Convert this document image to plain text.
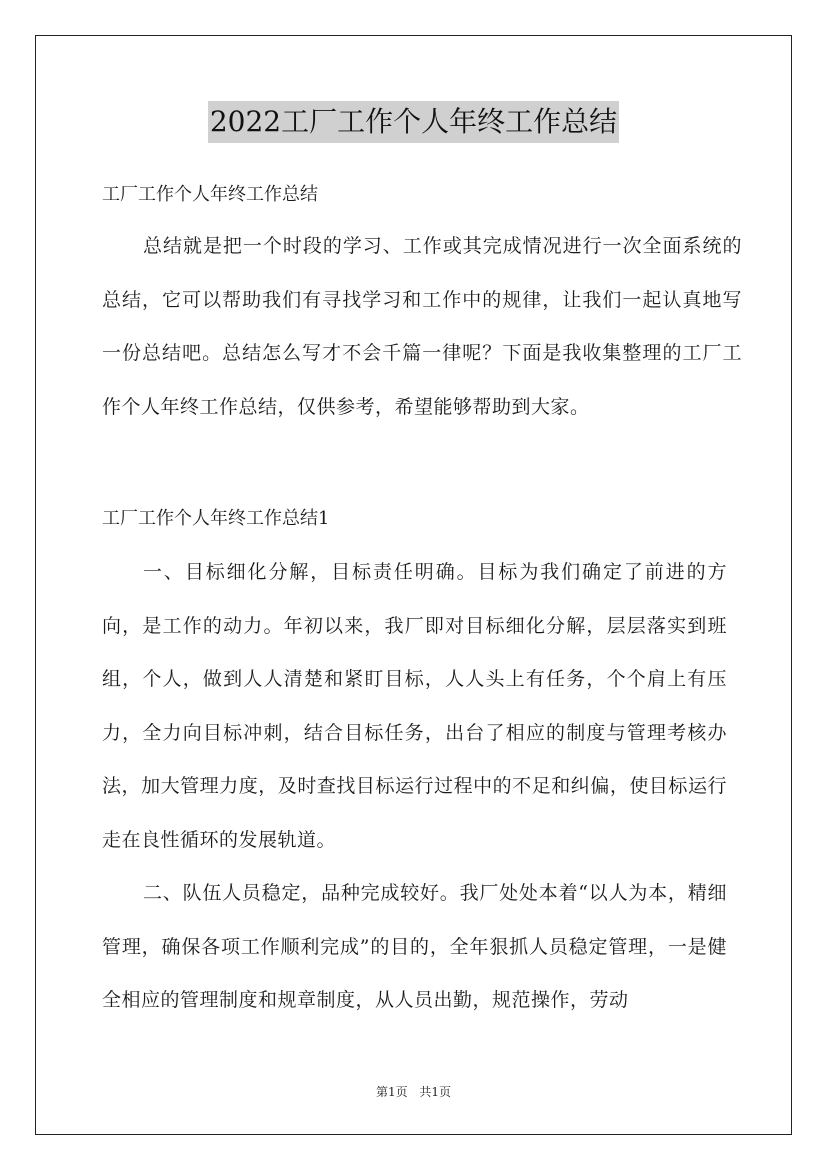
2022工厂工作个人年终工作总结

工厂工作个人年终工作总结

总结就是把一个时段的学习、工作或其完成情况进行一次全面系统的总结，它可以帮助我们有寻找学习和工作中的规律，让我们一起认真地写一份总结吧。总结怎么写才不会千篇一律呢？下面是我收集整理的工厂工作个人年终工作总结，仅供参考，希望能够帮助到大家。

工厂工作个人年终工作总结1

一、目标细化分解，目标责任明确。目标为我们确定了前进的方向，是工作的动力。年初以来，我厂即对目标细化分解，层层落实到班组，个人，做到人人清楚和紧盯目标，人人头上有任务，个个肩上有压力，全力向目标冲刺，结合目标任务，出台了相应的制度与管理考核办法，加大管理力度，及时查找目标运行过程中的不足和纠偏，使目标运行走在良性循环的发展轨道。

二、队伍人员稳定，品种完成较好。我厂处处本着“以人为本，精细管理，确保各项工作顺利完成”的目的，全年狠抓人员稳定管理，一是健全相应的管理制度和规章制度，从人员出勤，规范操作，劳动

第1页 共1页
